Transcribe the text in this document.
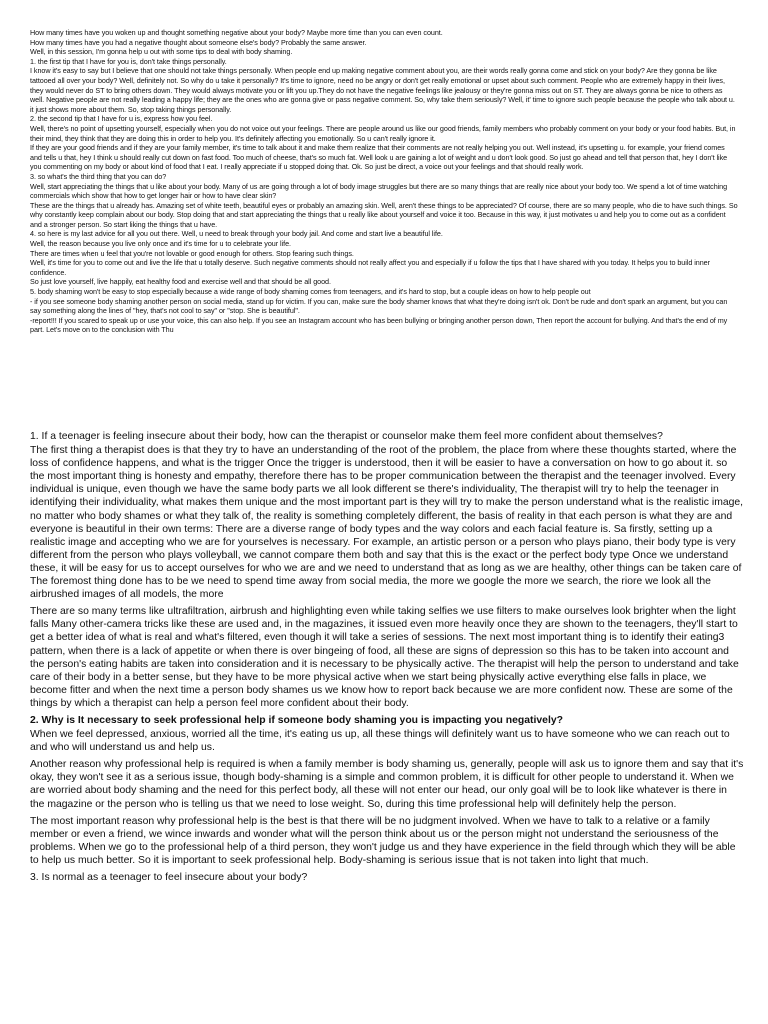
How many times have you woken up and thought something negative about your body? Maybe more time than you can even count.

How many times have you had a negative thought about someone else's body? Probably the same answer.

Well, in this session, I'm gonna help u out with some tips to deal with body shaming.

1. the first tip that I have for you is, don't take things personally.

I know it's easy to say but I believe that one should not take things personally. When people end up making negative comment about you, are their words really gonna come and stick on your body? Are they gonna be like tattooed all over your body? Well, definitely not. So why do u take it personally? It's time to ignore, need no be angry or don't get really emotional or upset about such comment. People who are extremely happy in their lives, they would never do ST to bring others down. They would always motivate you or lift you up.They do not have the negative feelings like jealousy or they're gonna miss out on ST. They are always gonna be nice to others as well. Negative people are not really leading a happy life; they are the ones who are gonna give or pass negative comment. So, why take them seriously? Well, it' time to ignore such people because the people who talk about u. it just shows more about them. So, stop taking things personally.

2. the second tip that I have for u is, express how you feel.

Well, there's no point of upsetting yourself, especially when you do not voice out your feelings. There are people around us like our good friends, family members who probably comment on your body or your food habits. But, in their mind, they think that they are doing this in order to help you. It's definitely affecting you emotionally. So u can't really ignore it.

If they are your good friends and if they are your family member, it's time to talk about it and make them realize that their comments are not really helping you out. Well instead, it's upsetting u. for example, your friend comes and tells u that, hey I think u should really cut down on fast food. Too much of cheese, that's so much fat. Well look u are gaining a lot of weight and u don't look good. So just go ahead and tell that person that, hey I don't like you commenting on my body or about kind of food that I eat. I really appreciate if u stopped doing that. Ok. So just be direct, a voice out your feelings and that should really work.

3. so what's the third thing that you can do?

Well, start appreciating the things that u like about your body. Many of us are going through a lot of body image struggles but there are so many things that are really nice about your body too. We spend a lot of time watching commercials which show that how to get longer hair or how to have clear skin?

These are the things that u already has. Amazing set of white teeth, beautiful eyes or probably an amazing skin. Well, aren't these things to be appreciated? Of course, there are so many people, who die to have such things. So why constantly keep complain about our body. Stop doing that and start appreciating the things that u really like about yourself and voice it too. Because in this way, it just motivates u and help you to come out as a confident and a stronger person. So start liking the things that u have.

4. so here is my last advice for all you out there. Well, u need to break through your body jail. And come and start live a beautiful life.

Well, the reason because you live only once and it's time for u to celebrate your life.

There are times when u feel that you're not lovable or good enough for others. Stop fearing such things.

Well, it's time for you to come out and live the life that u totally deserve. Such negative comments should not really affect you and especially if u follow the tips that I have shared with you today. It helps you to build inner confidence.

So just love yourself, live happily, eat healthy food and exercise well and that should be all good.

5. body shaming won't be easy to stop especially because a wide range of body shaming comes from teenagers, and it's hard to stop, but a couple ideas on how to help people out

- if you see someone body shaming another person on social media, stand up for victim. If you can, make sure the body shamer knows that what they're doing isn't ok. Don't be rude and don't spark an argument, but you can say something along the lines of "hey, that's not cool to say" or "stop. She is beautiful".

-report!!! If you scared to speak up or use your voice, this can also help. If you see an Instagram account who has been bullying or bringing another person down, Then report the account for bullying. And that's the end of my part. Let's move on to the conclusion with Thu

1. If a teenager is feeling insecure about their body, how can the therapist or counselor make them feel more confident about themselves?

The first thing a therapist does is that they try to have an understanding of the root of the problem, the place from where these thoughts started, where the loss of confidence happens, and what is the trigger Once the trigger is understood, then it will be easier to have a conversation on how to go about it. so the most important thing is honesty and empathy, therefore there has to be proper communication between the therapist and the teenager involved. Every individual is unique, even though we have the same body parts we all look different se there's individuality, The therapist will try to help the teenager in identifying their individuality, what makes them unique and the most important part is they will try to make the person understand what is the realistic image, no matter who body shames or what they talk of, the reality is something completely different, the basis of reality in that each person is what they are and everyone is beautiful in their own terms: There are a diverse range of body types and the way colors and each facial feature is. Sa firstly, setting up a realistic image and accepting who we are for yourselves is necessary. For example, an artistic person or a person who plays piano, their body type is very different from the person who plays volleyball, we cannot compare them both and say that this is the exact or the perfect body type Once we understand these, it will be easy for us to accept ourselves for who we are and we need to understand that as long as we are healthy, other things can be taken care of The foremost thing done has to be we need to spend time away from social media, the more we google the more we search, the riore we look all the airbrushed images of all models, the more

There are so many terms like ultrafiltration, airbrush and highlighting even while taking selfies we use filters to make ourselves look brighter when the light falls Many other-camera tricks like these are used and, in the magazines, it issued even more heavily once they are shown to the teenagers, they'll start to get a better idea of what is real and what's filtered, even though it will take a series of sessions. The next most important thing is to identify their eating3 pattern, when there is a lack of appetite or when there is over bingeing of food, all these are signs of depression so this has to be taken into account and the person's eating habits are taken into consideration and it is necessary to be physically active. The therapist will help the person to understand and take care of their body in a better sense, but they have to be more physical active when we start being physically active everything else falls in place, we become fitter and when the next time a person body shames us we know how to report back because we are more confident now. These are some of the things by which a therapist can help a person feel more confident about their body.

2. Why is It necessary to seek professional help if someone body shaming you is impacting you negatively?

When we feel depressed, anxious, worried all the time, it's eating us up, all these things will definitely want us to have someone who we can reach out to and who will understand us and help us.

Another reason why professional help is required is when a family member is body shaming us, generally, people will ask us to ignore them and say that it's okay, they won't see it as a serious issue, though body-shaming is a simple and common problem, it is difficult for other people to understand it. When we are worried about body shaming and the need for this perfect body, all these will not enter our head, our only goal will be to look like whatever is there in the magazine or the person who is telling us that we need to lose weight. So, during this time professional help will definitely help the person.

The most important reason why professional help is the best is that there will be no judgment involved. When we have to talk to a relative or a family member or even a friend, we wince inwards and wonder what will the person think about us or the person might not understand the seriousness of the problems. When we go to the professional help of a third person, they won't judge us and they have experience in the field through which they will be able to help us much better. So it is important to seek professional help. Body-shaming is serious issue that is not taken into light that much.

3. Is normal as a teenager to feel insecure about your body?
